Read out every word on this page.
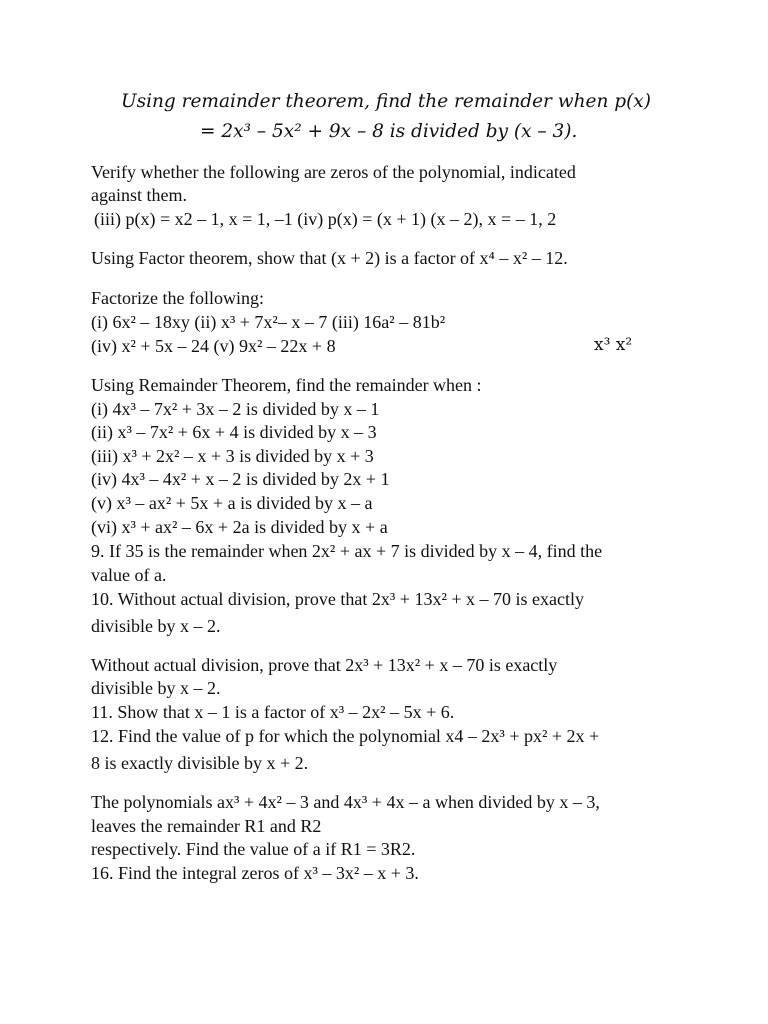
Using remainder theorem, find the remainder when p(x)
= 2x³ – 5x² + 9x – 8 is divided by (x – 3).
Verify whether the following are zeros of the polynomial, indicated
against them.
(iii) p(x) = x2 – 1, x = 1, –1 (iv) p(x) = (x + 1) (x – 2), x = – 1, 2
Using Factor theorem, show that (x + 2) is a factor of x⁴ – x² – 12.
Factorize the following:
(i) 6x² – 18xy (ii) x³ + 7x²– x – 7 (iii) 16a² – 81b²
(iv) x² + 5x – 24 (v) 9x² – 22x + 8	x³ x²
Using Remainder Theorem, find the remainder when :
(i) 4x³ – 7x² + 3x – 2 is divided by x – 1
(ii) x³ – 7x² + 6x + 4 is divided by x – 3
(iii) x³ + 2x² – x + 3 is divided by x + 3
(iv) 4x³ – 4x² + x – 2 is divided by 2x + 1
(v) x³ – ax² + 5x + a is divided by x – a
(vi) x³ + ax² – 6x + 2a is divided by x + a
9. If 35 is the remainder when 2x² + ax + 7 is divided by x – 4, find the
value of a.
10. Without actual division, prove that 2x³ + 13x² + x – 70 is exactly
divisible by x – 2.
Without actual division, prove that 2x³ + 13x² + x – 70 is exactly
divisible by x – 2.
11. Show that x – 1 is a factor of x³ – 2x² – 5x + 6.
12. Find the value of p for which the polynomial x4 – 2x³ + px² + 2x +
8 is exactly divisible by x + 2.
The polynomials ax³ + 4x² – 3 and 4x³ + 4x – a when divided by x – 3,
leaves the remainder R1 and R2
respectively. Find the value of a if R1 = 3R2.
16. Find the integral zeros of x³ – 3x² – x + 3.
